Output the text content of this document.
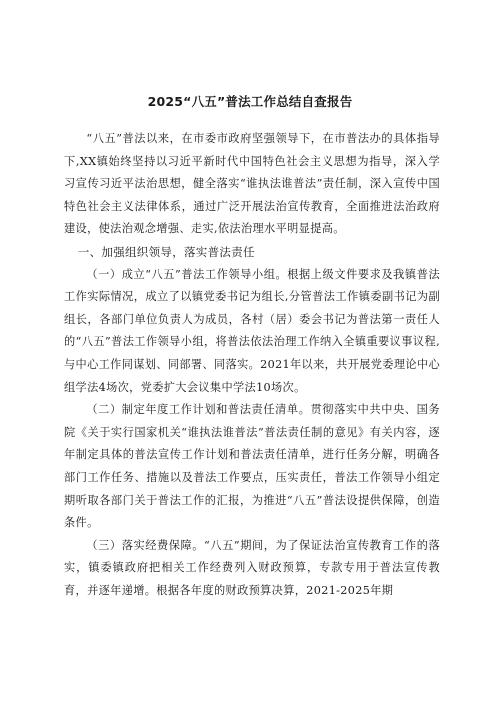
2025“八五”普法工作总结自查报告

“八五”普法以来，在市委市政府坚强领导下，在市普法办的具体指导下,XX镇始终坚持以习近平新时代中国特色社会主义思想为指导，深入学习宣传习近平法治思想，健全落实“谁执法谁普法”责任制，深入宣传中国特色社会主义法律体系，通过广泛开展法治宣传教育，全面推进法治政府建设，使法治观念增强、走实,依法治理水平明显提高。

一、加强组织领导，落实普法责任

（一）成立“八五”普法工作领导小组。根据上级文件要求及我镇普法工作实际情况，成立了以镇党委书记为组长,分管普法工作镇委副书记为副组长，各部门单位负责人为成员，各村（居）委会书记为普法第一责任人的“八五”普法工作领导小组，将普法依法治理工作纳入全镇重要议事议程,与中心工作同谋划、同部署、同落实。2021年以来，共开展党委理论中心组学法4场次，党委扩大会议集中学法10场次。

（二）制定年度工作计划和普法责任清单。贯彻落实中共中央、国务院《关于实行国家机关“谁执法谁普法”普法责任制的意见》有关内容，逐年制定具体的普法宣传工作计划和普法责任清单，进行任务分解，明确各部门工作任务、措施以及普法工作要点，压实责任，普法工作领导小组定期听取各部门关于普法工作的汇报，为推进“八五”普法设提供保障，创造条件。

（三）落实经费保障。“八五”期间，为了保证法治宣传教育工作的落实，镇委镇政府把相关工作经费列入财政预算，专款专用于普法宣传教育，并逐年递增。根据各年度的财政预算决算，2021-2025年期
